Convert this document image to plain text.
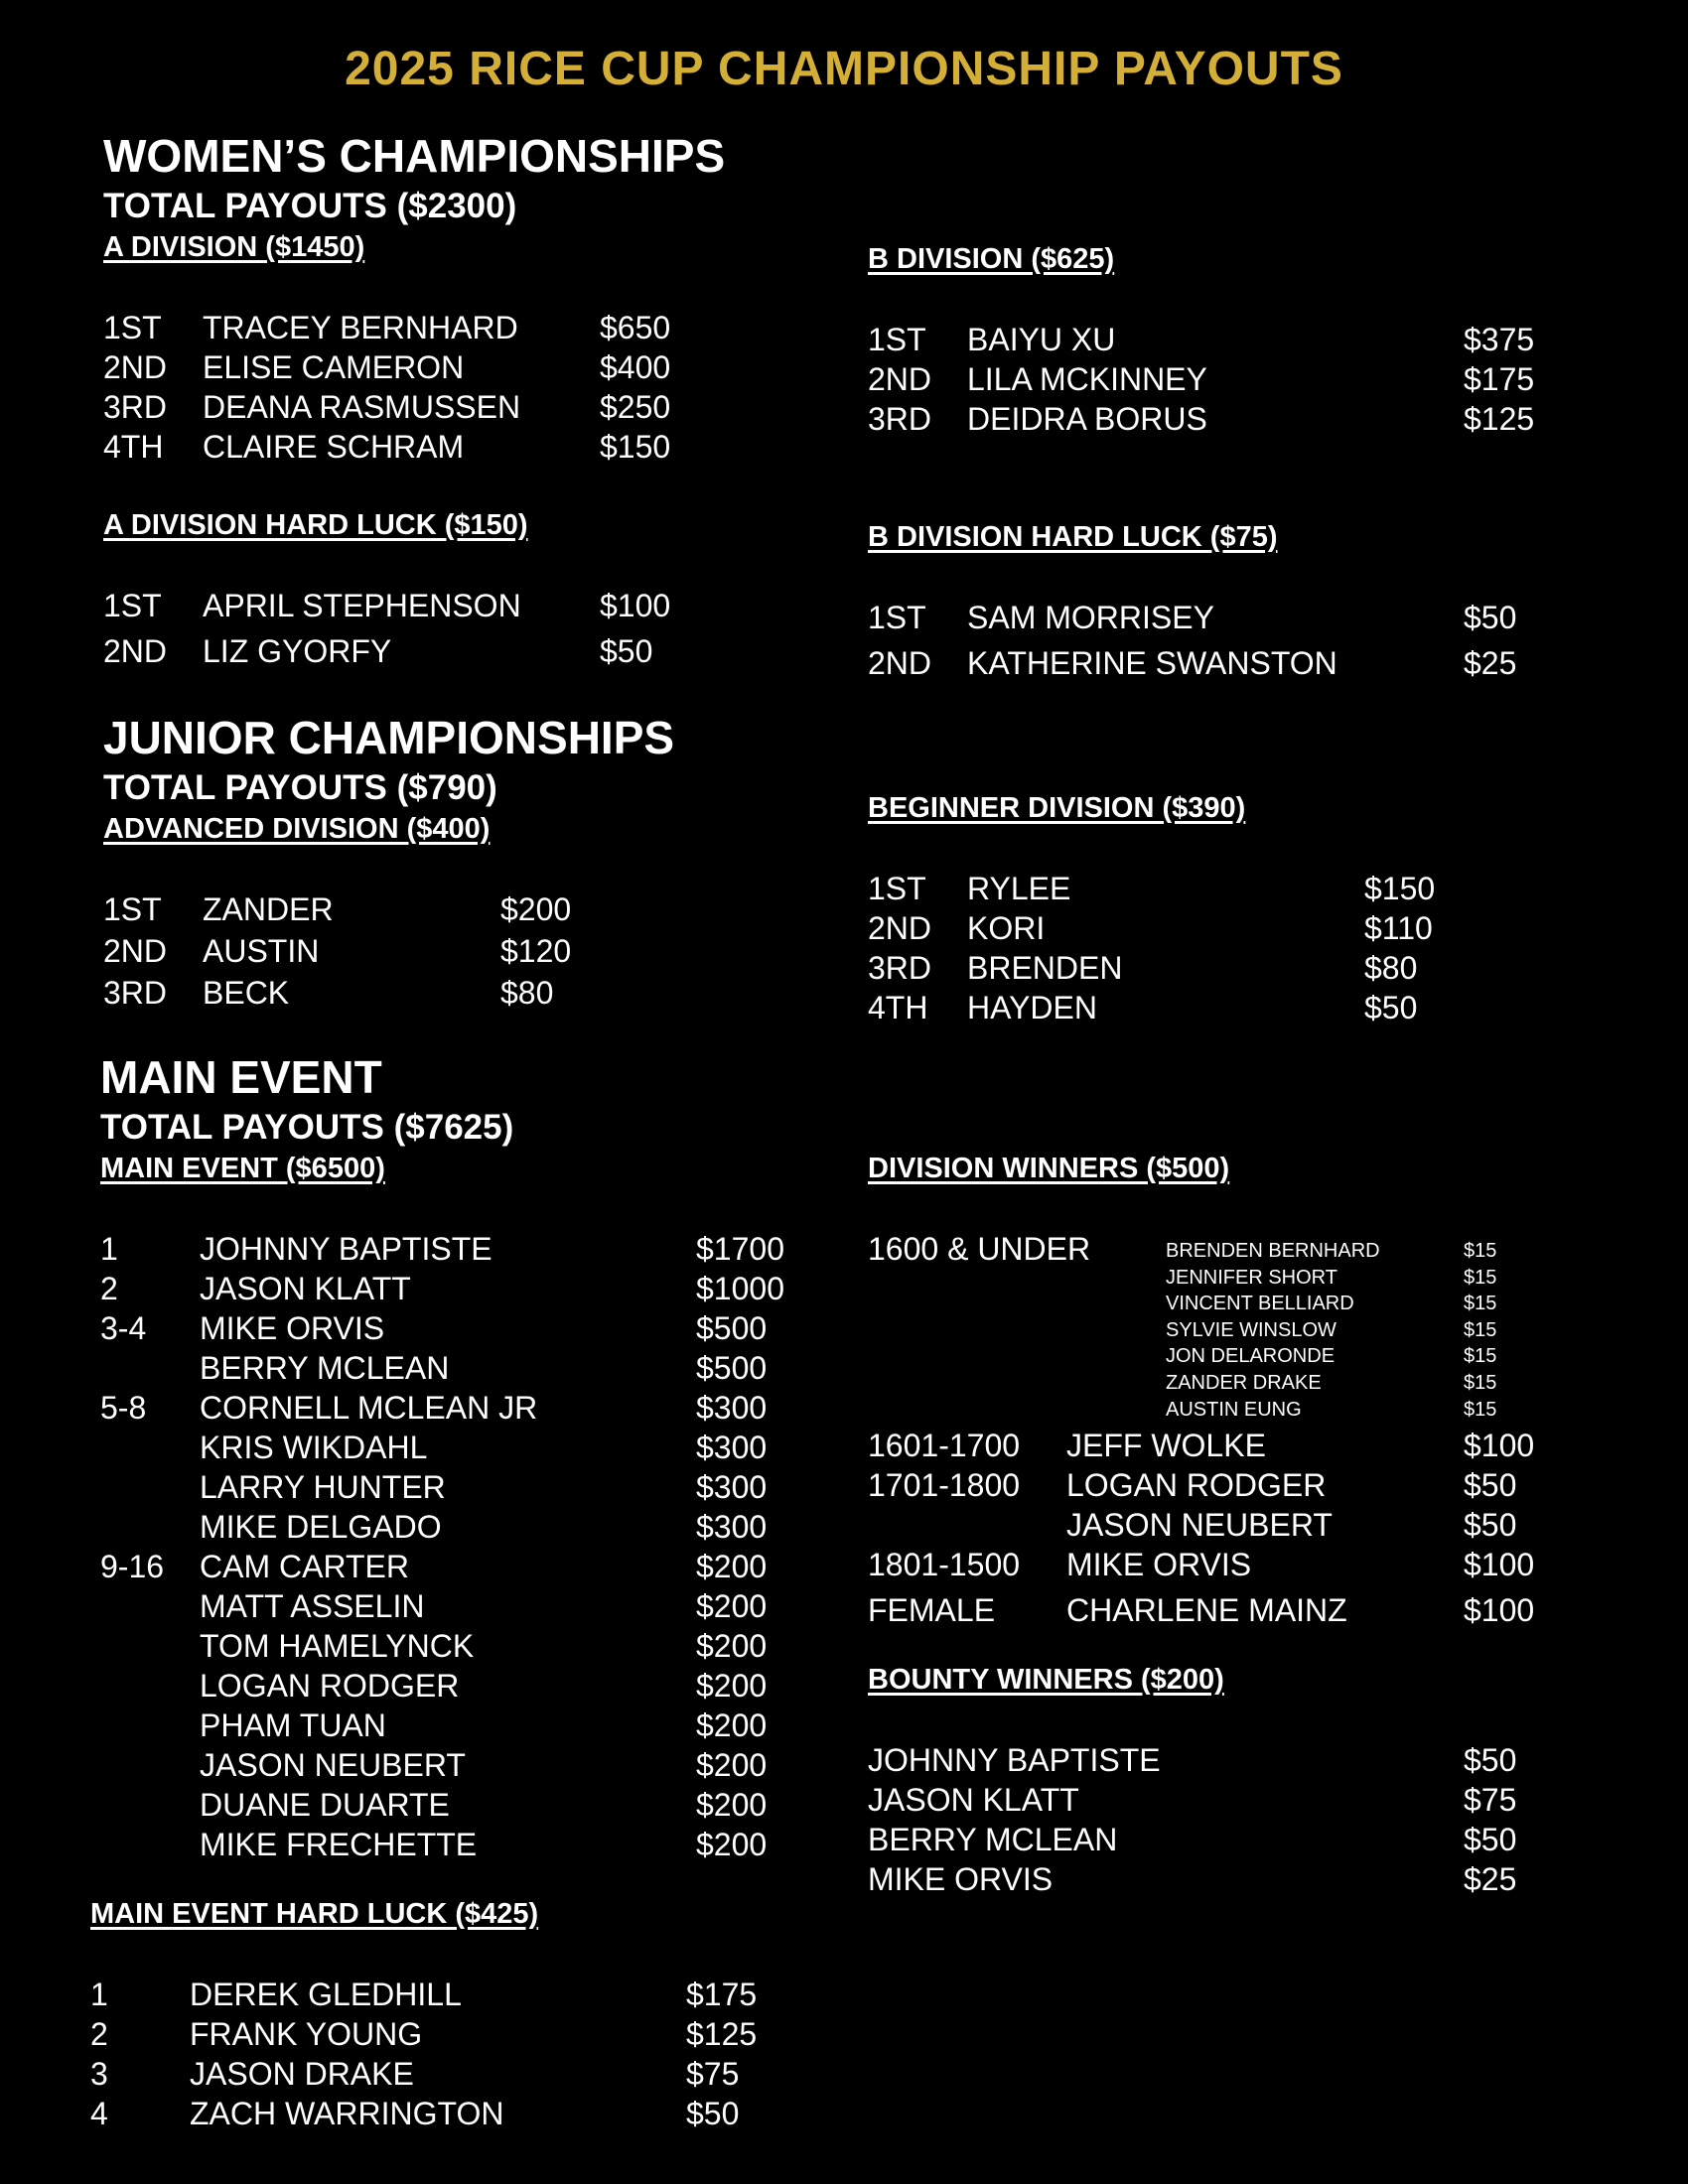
2025 RICE CUP CHAMPIONSHIP PAYOUTS
WOMEN’S CHAMPIONSHIPS
TOTAL PAYOUTS ($2300)
A DIVISION ($1450)
1ST TRACEY BERNHARD	$650
2ND ELISE CAMERON	$400
3RD DEANA RASMUSSEN $250
4TH CLAIRE SCHRAM	$150
A DIVISION HARD LUCK ($150)
1ST APRIL STEPHENSON $100
2ND LIZ GYORFY	$50
B DIVISION ($625)
1ST BAIYU XU	$375
2ND LILA MCKINNEY	$175
3RD DEIDRA BORUS	$125
B DIVISION HARD LUCK ($75)
1ST SAM MORRISEY	$50
2ND KATHERINE SWANSTON	$25
JUNIOR CHAMPIONSHIPS
TOTAL PAYOUTS ($790)
ADVANCED DIVISION ($400)
1ST ZANDER	$200
2ND AUSTIN	$120
3RD BECK	$80
BEGINNER DIVISION ($390)
1ST RYLEE	$150
2ND KORI	$110
3RD BRENDEN	$80
4TH HAYDEN	$50
MAIN EVENT
TOTAL PAYOUTS ($7625)
MAIN EVENT ($6500)
1	JOHNNY BAPTISTE	$1700
2	JASON KLATT	$1000
3-4 MIKE ORVIS	$500
BERRY MCLEAN	$500
5-8 CORNELL MCLEAN JR	$300
KRIS WIKDAHL	$300
LARRY HUNTER	$300
MIKE DELGADO	$300
9-16 CAM CARTER	$200
MATT ASSELIN	$200
TOM HAMELYNCK	$200
LOGAN RODGER	$200
PHAM TUAN	$200
JASON NEUBERT	$200
DUANE DUARTE	$200
MIKE FRECHETTE	$200
MAIN EVENT HARD LUCK ($425)
1	DEREK GLEDHILL	$175
2	FRANK YOUNG	$125
3	JASON DRAKE	$75
4	ZACH WARRINGTON	$50
DIVISION WINNERS ($500)
1600 & UNDER	BRENDEN BERNHARD	$15
JENNIFER SHORT	$15
VINCENT BELLIARD	$15
SYLVIE WINSLOW	$15
JON DELARONDE	$15
ZANDER DRAKE	$15
AUSTIN EUNG	$15
1601-1700 JEFF WOLKE	$100
1701-1800 LOGAN RODGER	$50
JASON NEUBERT	$50
1801-1500 MIKE ORVIS	$100
FEMALE CHARLENE MAINZ	$100
BOUNTY WINNERS ($200)
JOHNNY BAPTISTE	$50
JASON KLATT	$75
BERRY MCLEAN	$50
MIKE ORVIS	$25
